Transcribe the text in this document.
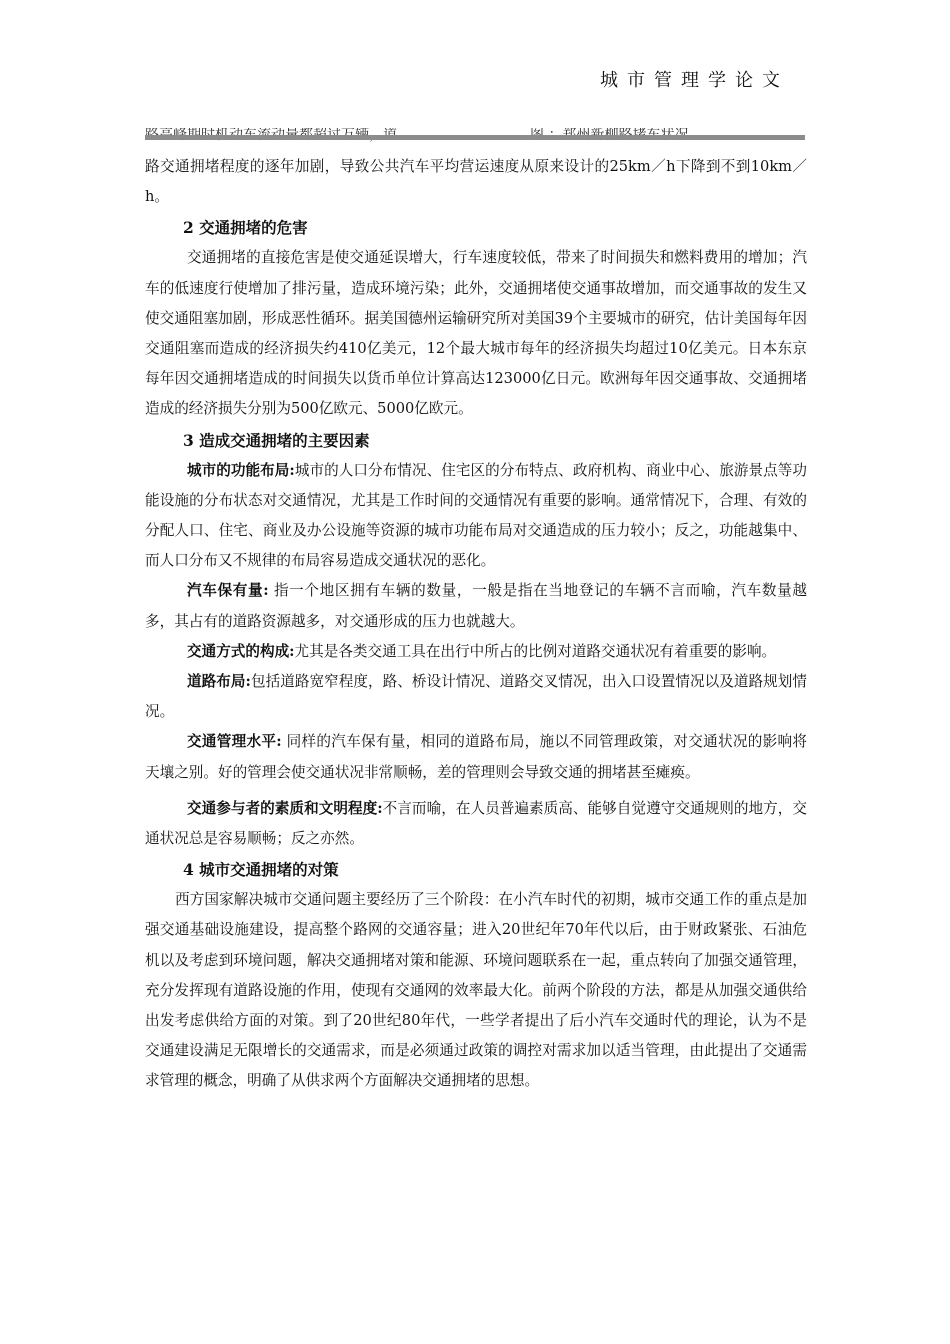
城市管理学论文

路交通拥堵程度的逐年加剧，导致公共汽车平均营运速度从原来设计的25km／h下降到不到10km／h。

2 交通拥堵的危害

交通拥堵的直接危害是使交通延误增大，行车速度较低，带来了时间损失和燃料费用的增加；汽车的低速度行使增加了排污量，造成环境污染；此外，交通拥堵使交通事故增加，而交通事故的发生又使交通阻塞加剧，形成恶性循环。据美国德州运输研究所对美国39个主要城市的研究，估计美国每年因交通阻塞而造成的经济损失约410亿美元，12个最大城市每年的经济损失均超过10亿美元。日本东京每年因交通拥堵造成的时间损失以货币单位计算高达123000亿日元。欧洲每年因交通事故、交通拥堵造成的经济损失分别为500亿欧元、5000亿欧元。

3 造成交通拥堵的主要因素

城市的功能布局:城市的人口分布情况、住宅区的分布特点、政府机构、商业中心、旅游景点等功能设施的分布状态对交通情况，尤其是工作时间的交通情况有重要的影响。通常情况下，合理、有效的分配人口、住宅、商业及办公设施等资源的城市功能布局对交通造成的压力较小；反之，功能越集中、而人口分布又不规律的布局容易造成交通状况的恶化。

汽车保有量: 指一个地区拥有车辆的数量，一般是指在当地登记的车辆不言而喻，汽车数量越多，其占有的道路资源越多，对交通形成的压力也就越大。

交通方式的构成:尤其是各类交通工具在出行中所占的比例对道路交通状况有着重要的影响。

道路布局:包括道路宽窄程度，路、桥设计情况、道路交叉情况，出入口设置情况以及道路规划情况。

交通管理水平: 同样的汽车保有量，相同的道路布局，施以不同管理政策，对交通状况的影响将天壤之别。好的管理会使交通状况非常顺畅，差的管理则会导致交通的拥堵甚至瘫痪。

交通参与者的素质和文明程度:不言而喻，在人员普遍素质高、能够自觉遵守交通规则的地方，交通状况总是容易顺畅；反之亦然。

4 城市交通拥堵的对策

西方国家解决城市交通问题主要经历了三个阶段：在小汽车时代的初期，城市交通工作的重点是加强交通基础设施建设，提高整个路网的交通容量；进入20世纪年70年代以后，由于财政紧张、石油危机以及考虑到环境问题，解决交通拥堵对策和能源、环境问题联系在一起，重点转向了加强交通管理，充分发挥现有道路设施的作用，使现有交通网的效率最大化。前两个阶段的方法，都是从加强交通供给出发考虑供给方面的对策。到了20世纪80年代，一些学者提出了后小汽车交通时代的理论，认为不是交通建设满足无限增长的交通需求，而是必须通过政策的调控对需求加以适当管理，由此提出了交通需求管理的概念，明确了从供求两个方面解决交通拥堵的思想。
